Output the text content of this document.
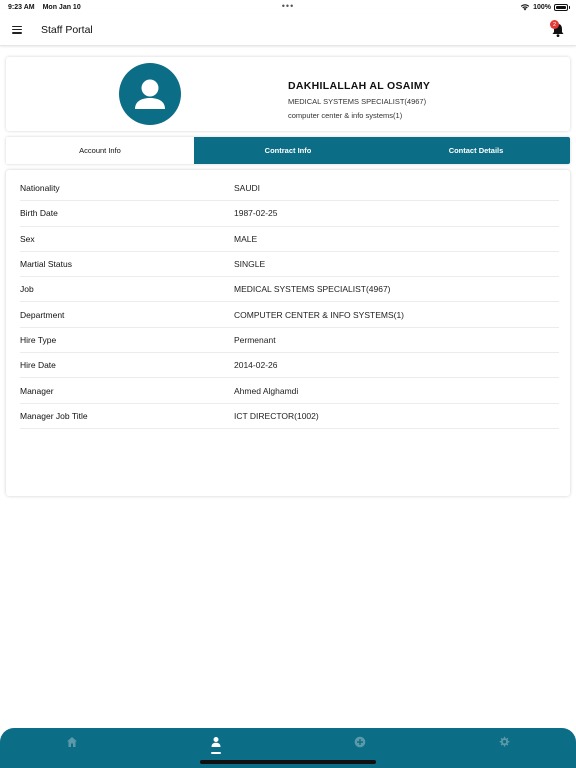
9:23 AM Mon Jan 10	•••	100%
Staff Portal	2
DAKHILALLAH AL OSAIMY
MEDICAL SYSTEMS SPECIALIST(4967)
computer center & info systems(1)
Account Info	Contract Info	Contact Details
Nationality	SAUDI
Birth Date	1987-02-25
Sex	MALE
Martial Status	SINGLE
Job	MEDICAL SYSTEMS SPECIALIST(4967)
Department	COMPUTER CENTER & INFO SYSTEMS(1)
Hire Type	Permenant
Hire Date	2014-02-26
Manager	Ahmed Alghamdi
Manager Job Title	ICT DIRECTOR(1002)
